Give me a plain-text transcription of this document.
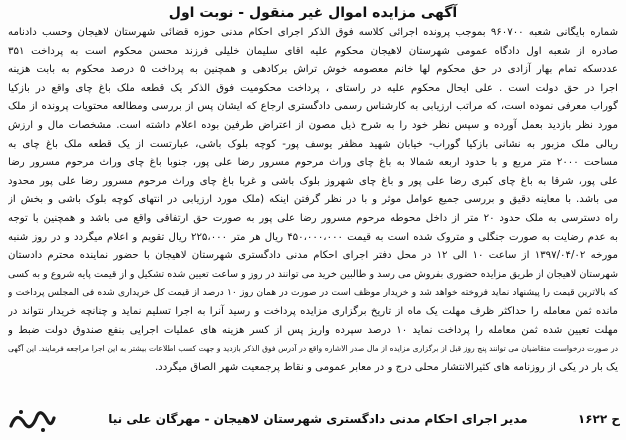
آگهی مزایده اموال غیر منقول - نوبت اول
شماره بایگانی شعبه ۹۶۰۷۰۰ بموجب پرونده اجرائی کلاسه فوق الذکر اجرای احکام مدنی حوزه قضائی شهرستان لاهیجان وحسب دادنامه
صادره از شعبه اول دادگاه عمومی شهرستان لاهیجان محکوم علیه اقای سلیمان خلیلی فرزند محسن محکوم است به پرداخت ۳۵۱
عددسکه تمام بهار آزادی در حق محکوم لها خانم معصومه خوش تراش برکادهی و همچنین به پرداخت ۵ درصد محکوم به بابت هزینه
اجرا در حق دولت است . علی ایحال محکوم علیه در راستای ، پرداخت محکومیت فوق الذکر یک قطعه ملک باغ چای واقع در بازکیا
گوراب معرفی نموده است، که مراتب ارزیابی به کارشناس رسمی دادگستری ارجاع که ایشان پس از بررسی ومطالعه محتویات پرونده از ملک
مورد نظر بازدید بعمل آورده و سپس نظر خود را به شرح ذیل مصون از اعتراض طرفین بوده اعلام داشته است. مشخصات مال و ارزش
ریالی ملک مزبور به نشانی بازکیا گوراب- خیابان شهید مظفر یوسف پور- کوچه بلوک باشی، عبارتست از یک قطعه ملک باغ چای به
مساحت ۲۰۰۰ متر مربع و با حدود اربعه شمالا به باغ چای وراث مرحوم مسرور رضا علی پور، جنوبا باغ چای وراث مرحوم مسرور رضا
علی پور، شرقا به باغ چای کبری رضا علی پور و باغ چای شهروز بلوک باشی و غربا باغ چای وراث مرحوم مسرور رضا علی پور محدود
می باشد. با معاینه دقیق و بررسی جمیع عوامل موثر و با در نظر گرفتن اینکه (ملک مورد ارزیابی در انتهای کوچه بلوک باشی و بخش از
راه دسترسی به ملک حدود ۲۰ متر از داخل محوطه مرحوم مسرور رضا علی پور به صورت حق ارتفاقی واقع می باشد و همچنین با توجه
به عدم رضایت به صورت جنگلی و متروک شده است به قیمت ۴۵۰،۰۰۰،۰۰۰ ریال هر متر ۲۲۵،۰۰۰ ریال تقویم و اعلام میگردد و در روز شنبه
مورخه ۱۳۹۷/۰۴/۰۲ از ساعت ۱۰ الی ۱۲ در محل دفتر اجرای احکام مدنی دادگستری شهرستان لاهیجان با حضور نماینده محترم دادستان
شهرستان لاهیجان از طریق مزایده حضوری بفروش می رسد و طالبین خرید می توانند در روز و ساعت تعیین شده تشکیل و از قیمت پایه شروع و به کسی
که بالاترین قیمت را پیشنهاد نماید فروخته خواهد شد و خریدار موظف است در صورت در همان روز ۱۰ درصد از قیمت کل خریداری شده فی المجلس پرداخت و
مانده ثمن معامله را حداکثر ظرف مهلت یک ماه از تاریخ برگزاری مزایده پرداخت و رسید آنرا به اجرا تسلیم نماید و چنانچه خریدار نتواند در
مهلت تعیین شده ثمن معامله را پرداخت نماید ۱۰ درصد سپرده واریز پس از کسر هزینه های عملیات اجرایی بنفع صندوق دولت ضبط و
در صورت درخواست متقاضیان می توانند پنج روز قبل از برگزاری مزایده از مال صدر الاشاره واقع در آدرس فوق الذکر بازدید و جهت کسب اطلاعات بیشتر به این اجرا مراجعه فرمایند. این آگهی
یک بار در یکی از روزنامه های کثیرالانتشار محلی درج و در معابر عمومی و نقاط پرجمعیت شهر الصاق میگردد.
ح ۱۶۲۲
مدیر اجرای احکام مدنی دادگستری شهرستان لاهیجان - مهرگان علی نیا
